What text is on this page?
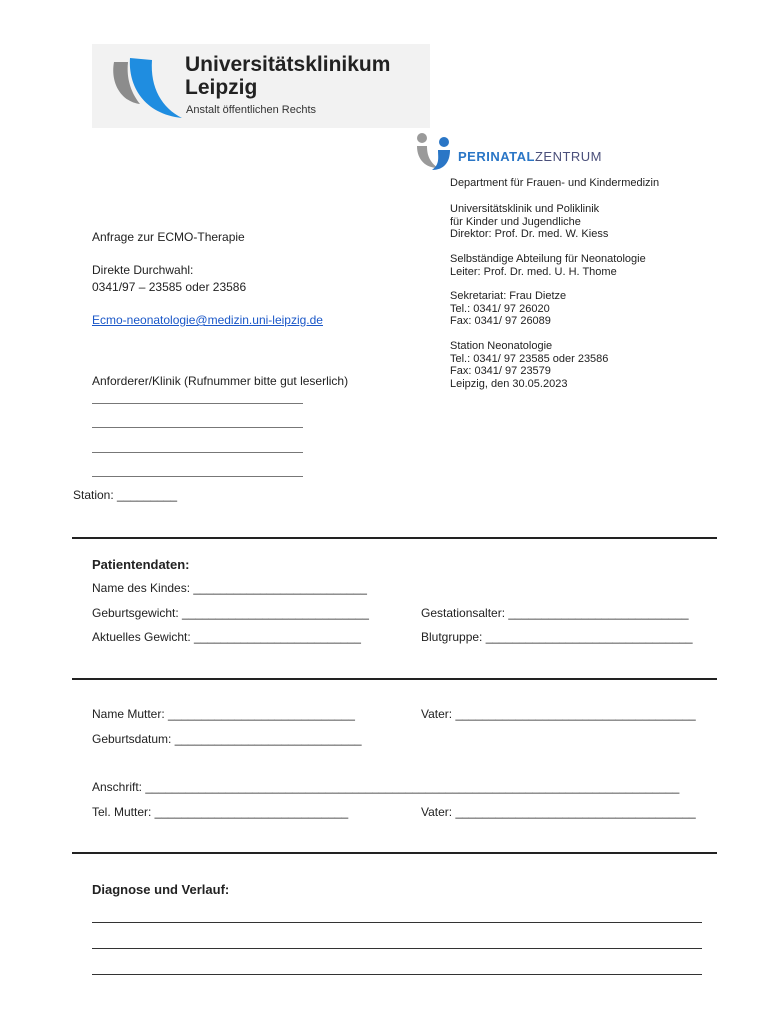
Universitätsklinikum
Leipzig
Anstalt öffentlichen Rechts
PERINATALZENTRUM
Department für Frauen- und Kindermedizin
Universitätsklinik und Poliklinik
für Kinder und Jugendliche
Direktor: Prof. Dr. med. W. Kiess
Selbständige Abteilung für Neonatologie
Leiter: Prof. Dr. med. U. H. Thome
Sekretariat: Frau Dietze
Tel.: 0341/ 97 26020
Fax: 0341/ 97 26089
Station Neonatologie
Tel.: 0341/ 97 23585 oder 23586
Fax: 0341/ 97 23579
Leipzig, den 30.05.2023
Anfrage zur ECMO-Therapie
Direkte Durchwahl:
0341/97 – 23585 oder 23586
Ecmo-neonatologie@medizin.uni-leipzig.de
Anforderer/Klinik (Rufnummer bitte gut leserlich)
Station: _________
Patientendaten:
Name des Kindes: __________________________
Geburtsgewicht: ____________________________	Gestationsalter: ___________________________
Aktuelles Gewicht: _________________________	Blutgruppe: _______________________________
Name Mutter: ____________________________	Vater: ____________________________________
Geburtsdatum: ____________________________
Anschrift: ________________________________________________________________________________
Tel. Mutter: _____________________________	Vater: ____________________________________
Diagnose und Verlauf:
